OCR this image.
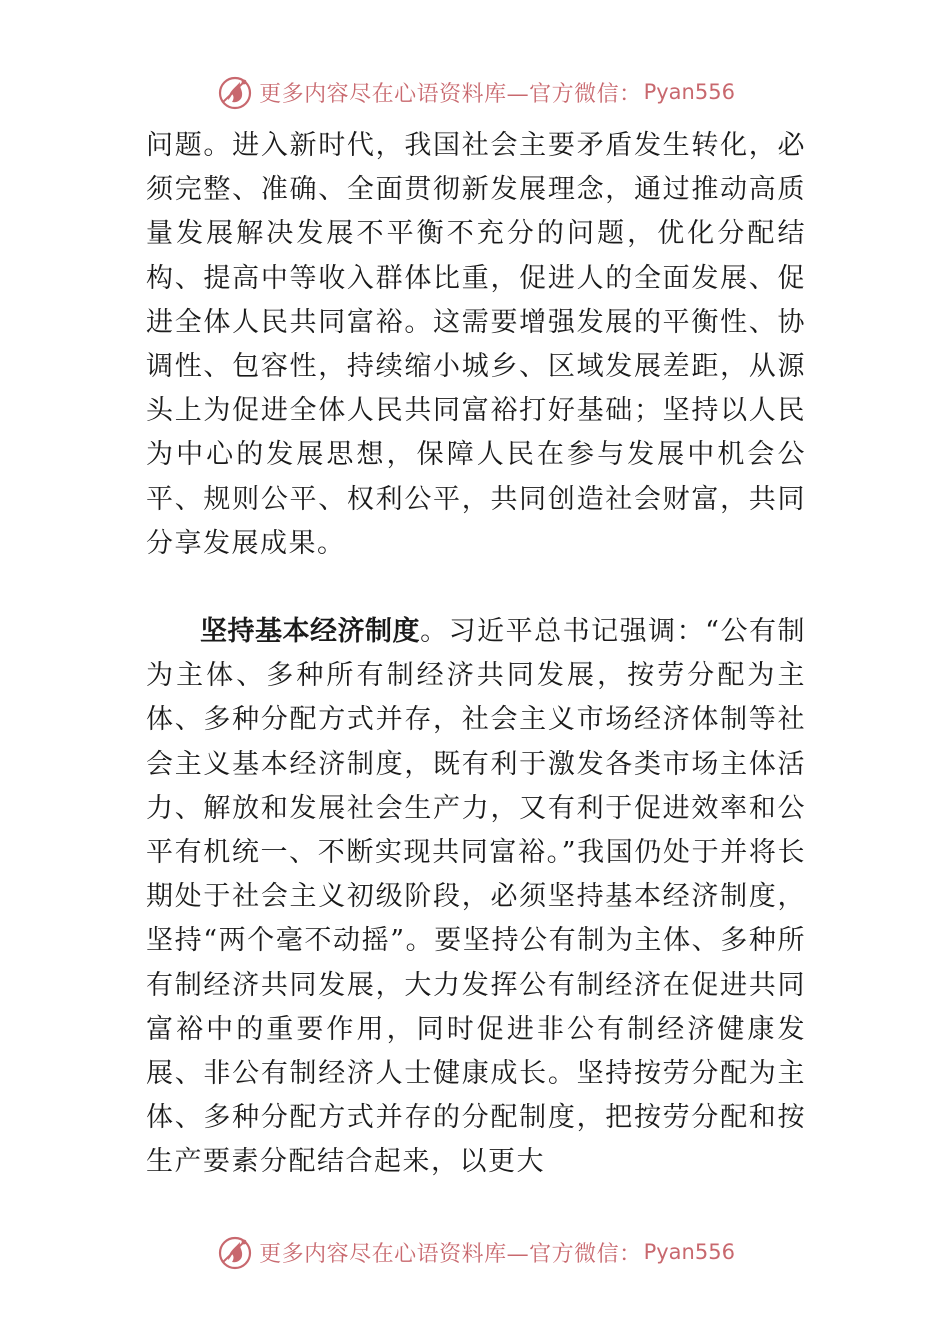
更多内容尽在心语资料库—官方微信： Pyan556

问题。进入新时代，我国社会主要矛盾发生转化，必须完整、准确、全面贯彻新发展理念，通过推动高质量发展解决发展不平衡不充分的问题，优化分配结构、提高中等收入群体比重，促进人的全面发展、促进全体人民共同富裕。这需要增强发展的平衡性、协调性、包容性，持续缩小城乡、区域发展差距，从源头上为促进全体人民共同富裕打好基础；坚持以人民为中心的发展思想，保障人民在参与发展中机会公平、规则公平、权利公平，共同创造社会财富，共同分享发展成果。

坚持基本经济制度。习近平总书记强调：“公有制为主体、多种所有制经济共同发展，按劳分配为主体、多种分配方式并存，社会主义市场经济体制等社会主义基本经济制度，既有利于激发各类市场主体活力、解放和发展社会生产力，又有利于促进效率和公平有机统一、不断实现共同富裕。”我国仍处于并将长期处于社会主义初级阶段，必须坚持基本经济制度，坚持“两个毫不动摇”。要坚持公有制为主体、多种所有制经济共同发展，大力发挥公有制经济在促进共同富裕中的重要作用，同时促进非公有制经济健康发展、非公有制经济人士健康成长。坚持按劳分配为主体、多种分配方式并存的分配制度，把按劳分配和按生产要素分配结合起来，以更大

更多内容尽在心语资料库—官方微信： Pyan556
